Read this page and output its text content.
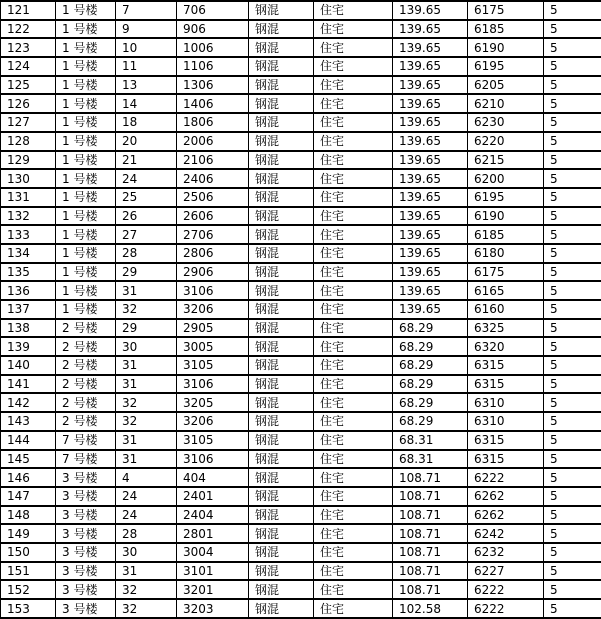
121	1 号楼	7	706	钢混	住宅	139.65	6175	5
122	1 号楼	9	906	钢混	住宅	139.65	6185	5
123	1 号楼	10	1006	钢混	住宅	139.65	6190	5
124	1 号楼	11	1106	钢混	住宅	139.65	6195	5
125	1 号楼	13	1306	钢混	住宅	139.65	6205	5
126	1 号楼	14	1406	钢混	住宅	139.65	6210	5
127	1 号楼	18	1806	钢混	住宅	139.65	6230	5
128	1 号楼	20	2006	钢混	住宅	139.65	6220	5
129	1 号楼	21	2106	钢混	住宅	139.65	6215	5
130	1 号楼	24	2406	钢混	住宅	139.65	6200	5
131	1 号楼	25	2506	钢混	住宅	139.65	6195	5
132	1 号楼	26	2606	钢混	住宅	139.65	6190	5
133	1 号楼	27	2706	钢混	住宅	139.65	6185	5
134	1 号楼	28	2806	钢混	住宅	139.65	6180	5
135	1 号楼	29	2906	钢混	住宅	139.65	6175	5
136	1 号楼	31	3106	钢混	住宅	139.65	6165	5
137	1 号楼	32	3206	钢混	住宅	139.65	6160	5
138	2 号楼	29	2905	钢混	住宅	68.29	6325	5
139	2 号楼	30	3005	钢混	住宅	68.29	6320	5
140	2 号楼	31	3105	钢混	住宅	68.29	6315	5
141	2 号楼	31	3106	钢混	住宅	68.29	6315	5
142	2 号楼	32	3205	钢混	住宅	68.29	6310	5
143	2 号楼	32	3206	钢混	住宅	68.29	6310	5
144	7 号楼	31	3105	钢混	住宅	68.31	6315	5
145	7 号楼	31	3106	钢混	住宅	68.31	6315	5
146	3 号楼	4	404	钢混	住宅	108.71	6222	5
147	3 号楼	24	2401	钢混	住宅	108.71	6262	5
148	3 号楼	24	2404	钢混	住宅	108.71	6262	5
149	3 号楼	28	2801	钢混	住宅	108.71	6242	5
150	3 号楼	30	3004	钢混	住宅	108.71	6232	5
151	3 号楼	31	3101	钢混	住宅	108.71	6227	5
152	3 号楼	32	3201	钢混	住宅	108.71	6222	5
153	3 号楼	32	3203	钢混	住宅	102.58	6222	5
